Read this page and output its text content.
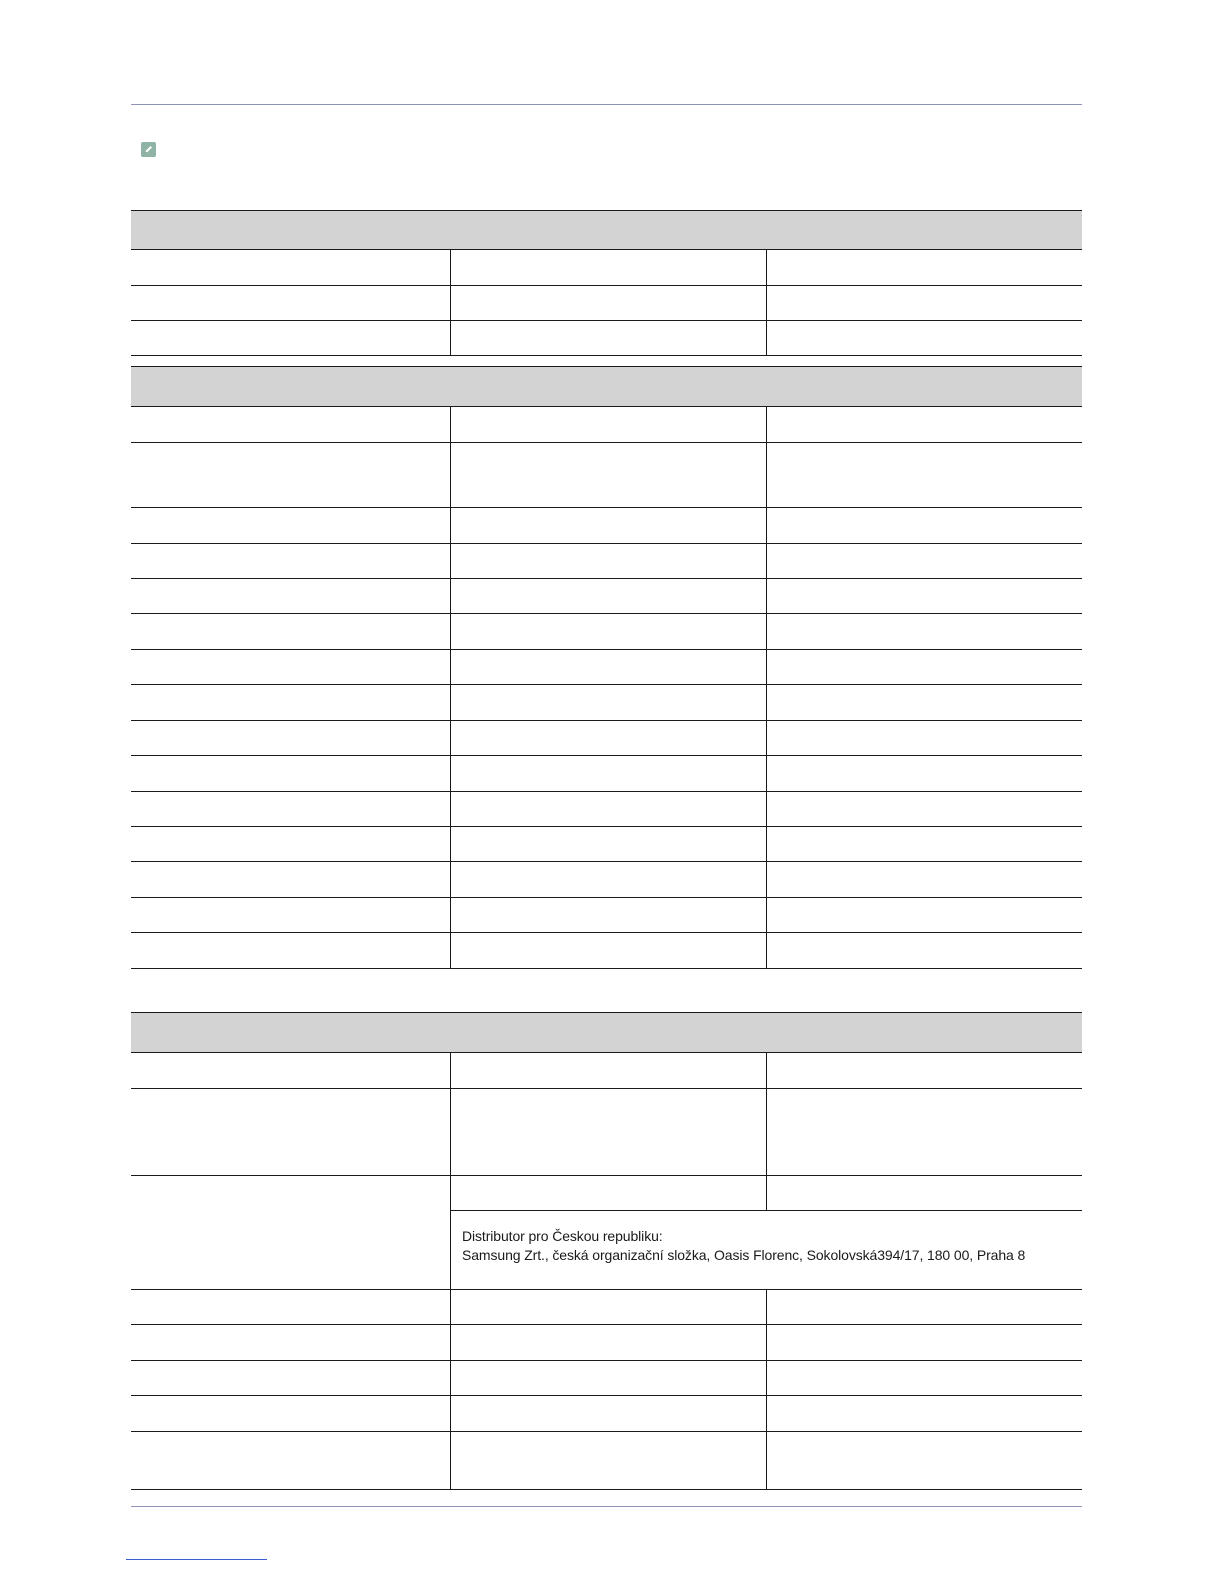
Distributor pro Českou republiku:
Samsung Zrt., česká organizační složka, Oasis Florenc, Sokolovská394/17, 180 00, Praha 8
